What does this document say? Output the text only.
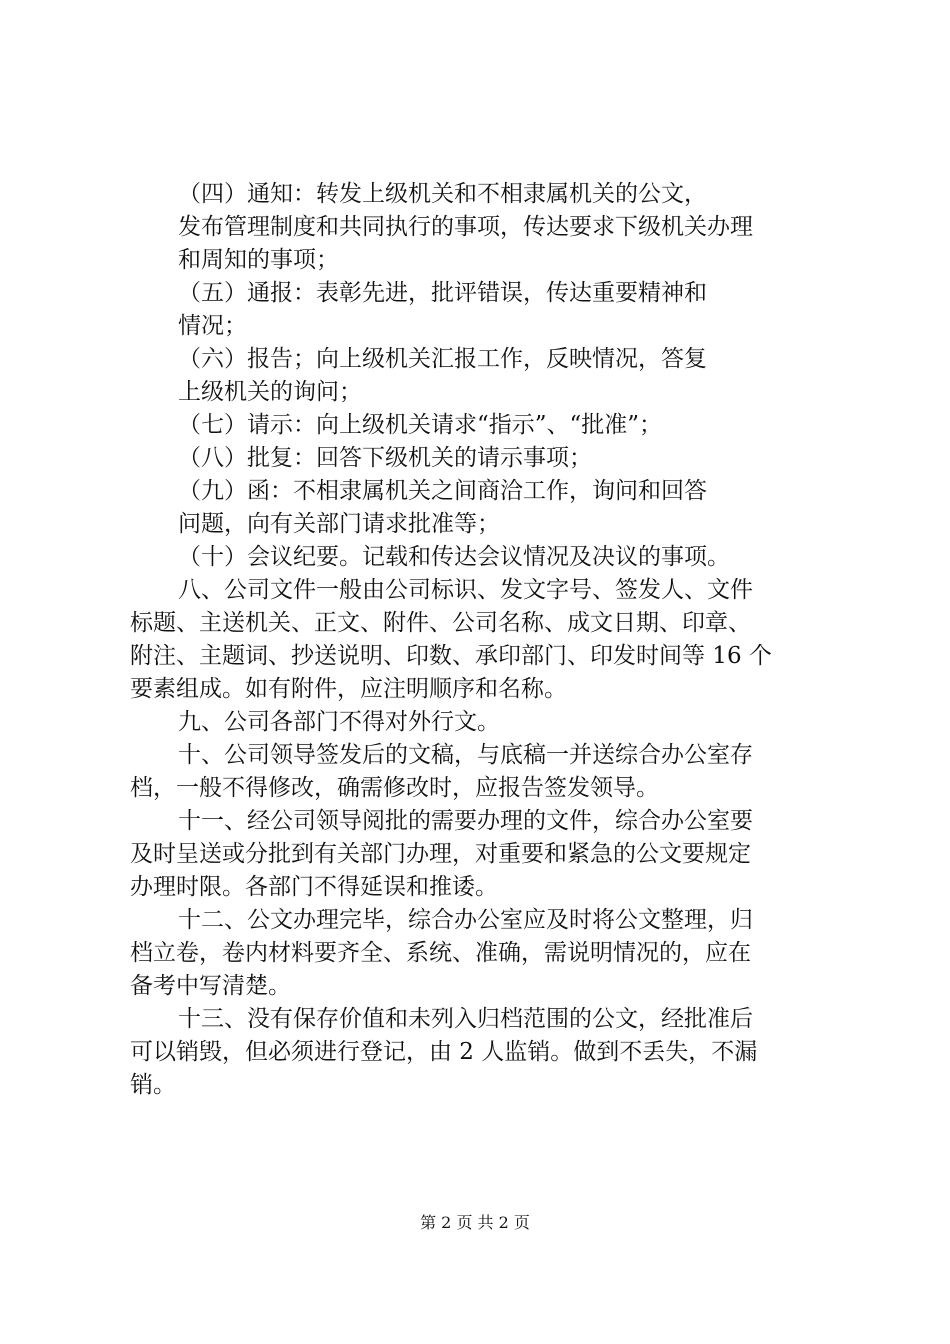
（四）通知：转发上级机关和不相隶属机关的公文，
发布管理制度和共同执行的事项，传达要求下级机关办理
和周知的事项；
（五）通报：表彰先进，批评错误，传达重要精神和
情况；
（六）报告；向上级机关汇报工作，反映情况，答复
上级机关的询问；
（七）请示：向上级机关请求“指示”、“批准”；
（八）批复：回答下级机关的请示事项；
（九）函：不相隶属机关之间商洽工作，询问和回答
问题，向有关部门请求批准等；
（十）会议纪要。记载和传达会议情况及决议的事项。
八、公司文件一般由公司标识、发文字号、签发人、文件
标题、主送机关、正文、附件、公司名称、成文日期、印章、
附注、主题词、抄送说明、印数、承印部门、印发时间等 16 个
要素组成。如有附件，应注明顺序和名称。
九、公司各部门不得对外行文。
十、公司领导签发后的文稿，与底稿一并送综合办公室存
档，一般不得修改，确需修改时，应报告签发领导。
十一、经公司领导阅批的需要办理的文件，综合办公室要
及时呈送或分批到有关部门办理，对重要和紧急的公文要规定
办理时限。各部门不得延误和推诿。
十二、公文办理完毕，综合办公室应及时将公文整理，归
档立卷，卷内材料要齐全、系统、准确，需说明情况的，应在
备考中写清楚。
十三、没有保存价值和未列入归档范围的公文，经批准后
可以销毁，但必须进行登记，由 2 人监销。做到不丢失，不漏
销。
第 2 页 共 2 页
